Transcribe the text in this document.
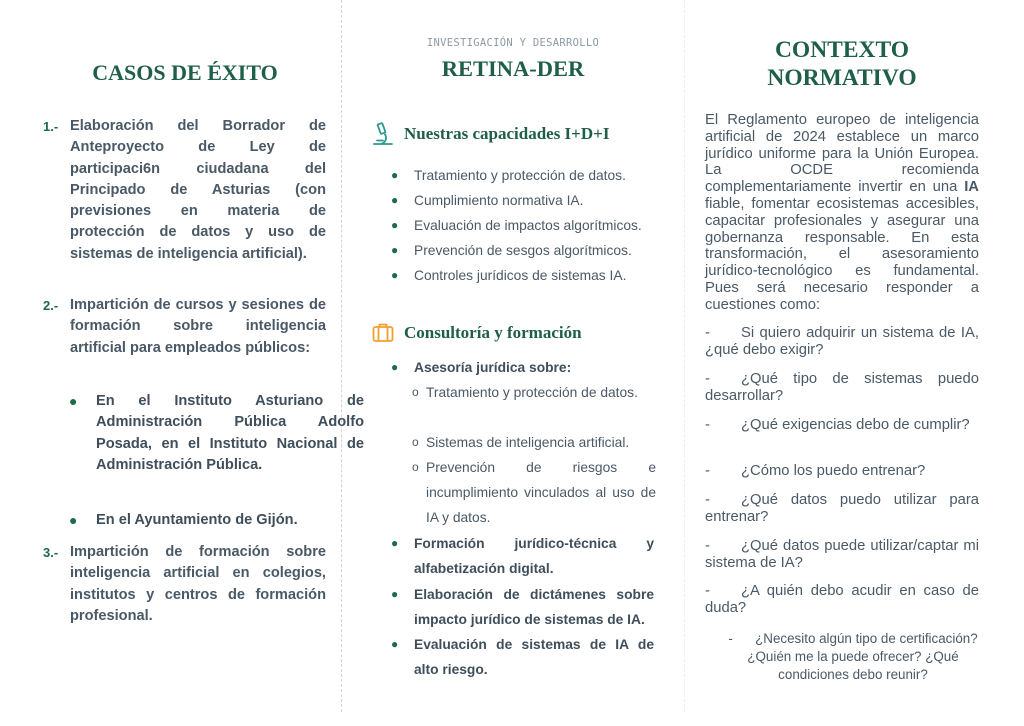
CASOS DE ÉXITO
1.- Elaboración del Borrador de Anteproyecto de Ley de participaci6n ciudadana del Principado de Asturias (con previsiones en materia de protección de datos y uso de sistemas de inteligencia artificial).
2.- Impartición de cursos y sesiones de formación sobre inteligencia artificial para empleados públicos:
● En el Instituto Asturiano de Administración Pública Adolfo Posada, en el Instituto Nacional de Administración Pública.
● En el Ayuntamiento de Gijón.
3.- Impartición de formación sobre inteligencia artificial en colegios, institutos y centros de formación profesional.
INVESTIGACIÓN Y DESARROLLO
RETINA-DER
Nuestras capacidades I+D+I
● Tratamiento y protección de datos.
● Cumplimiento normativa IA.
● Evaluación de impactos algorítmicos.
● Prevención de sesgos algorítmicos.
● Controles jurídicos de sistemas IA.
Consultoría y formación
● Asesoría jurídica sobre:
o Tratamiento y protección de datos.
o Sistemas de inteligencia artificial.
o Prevención de riesgos e incumplimiento vinculados al uso de IA y datos.
● Formación jurídico-técnica y alfabetización digital.
● Elaboración de dictámenes sobre impacto jurídico de sistemas de IA.
● Evaluación de sistemas de IA de alto riesgo.
CONTEXTO
NORMATIVO
El Reglamento europeo de inteligencia artificial de 2024 establece un marco jurídico uniforme para la Unión Europea. La OCDE recomienda complementariamente invertir en una IA fiable, fomentar ecosistemas accesibles, capacitar profesionales y asegurar una gobernanza responsable. En esta transformación, el asesoramiento jurídico-tecnológico es fundamental. Pues será necesario responder a cuestiones como:
- Si quiero adquirir un sistema de IA, ¿qué debo exigir?
- ¿Qué tipo de sistemas puedo desarrollar?
- ¿Qué exigencias debo de cumplir?
- ¿Cómo los puedo entrenar?
- ¿Qué datos puedo utilizar para entrenar?
- ¿Qué datos puede utilizar/captar mi sistema de IA?
- ¿A quién debo acudir en caso de duda?
- ¿Necesito algún tipo de certificación? ¿Quién me la puede ofrecer? ¿Qué condiciones debo reunir?
